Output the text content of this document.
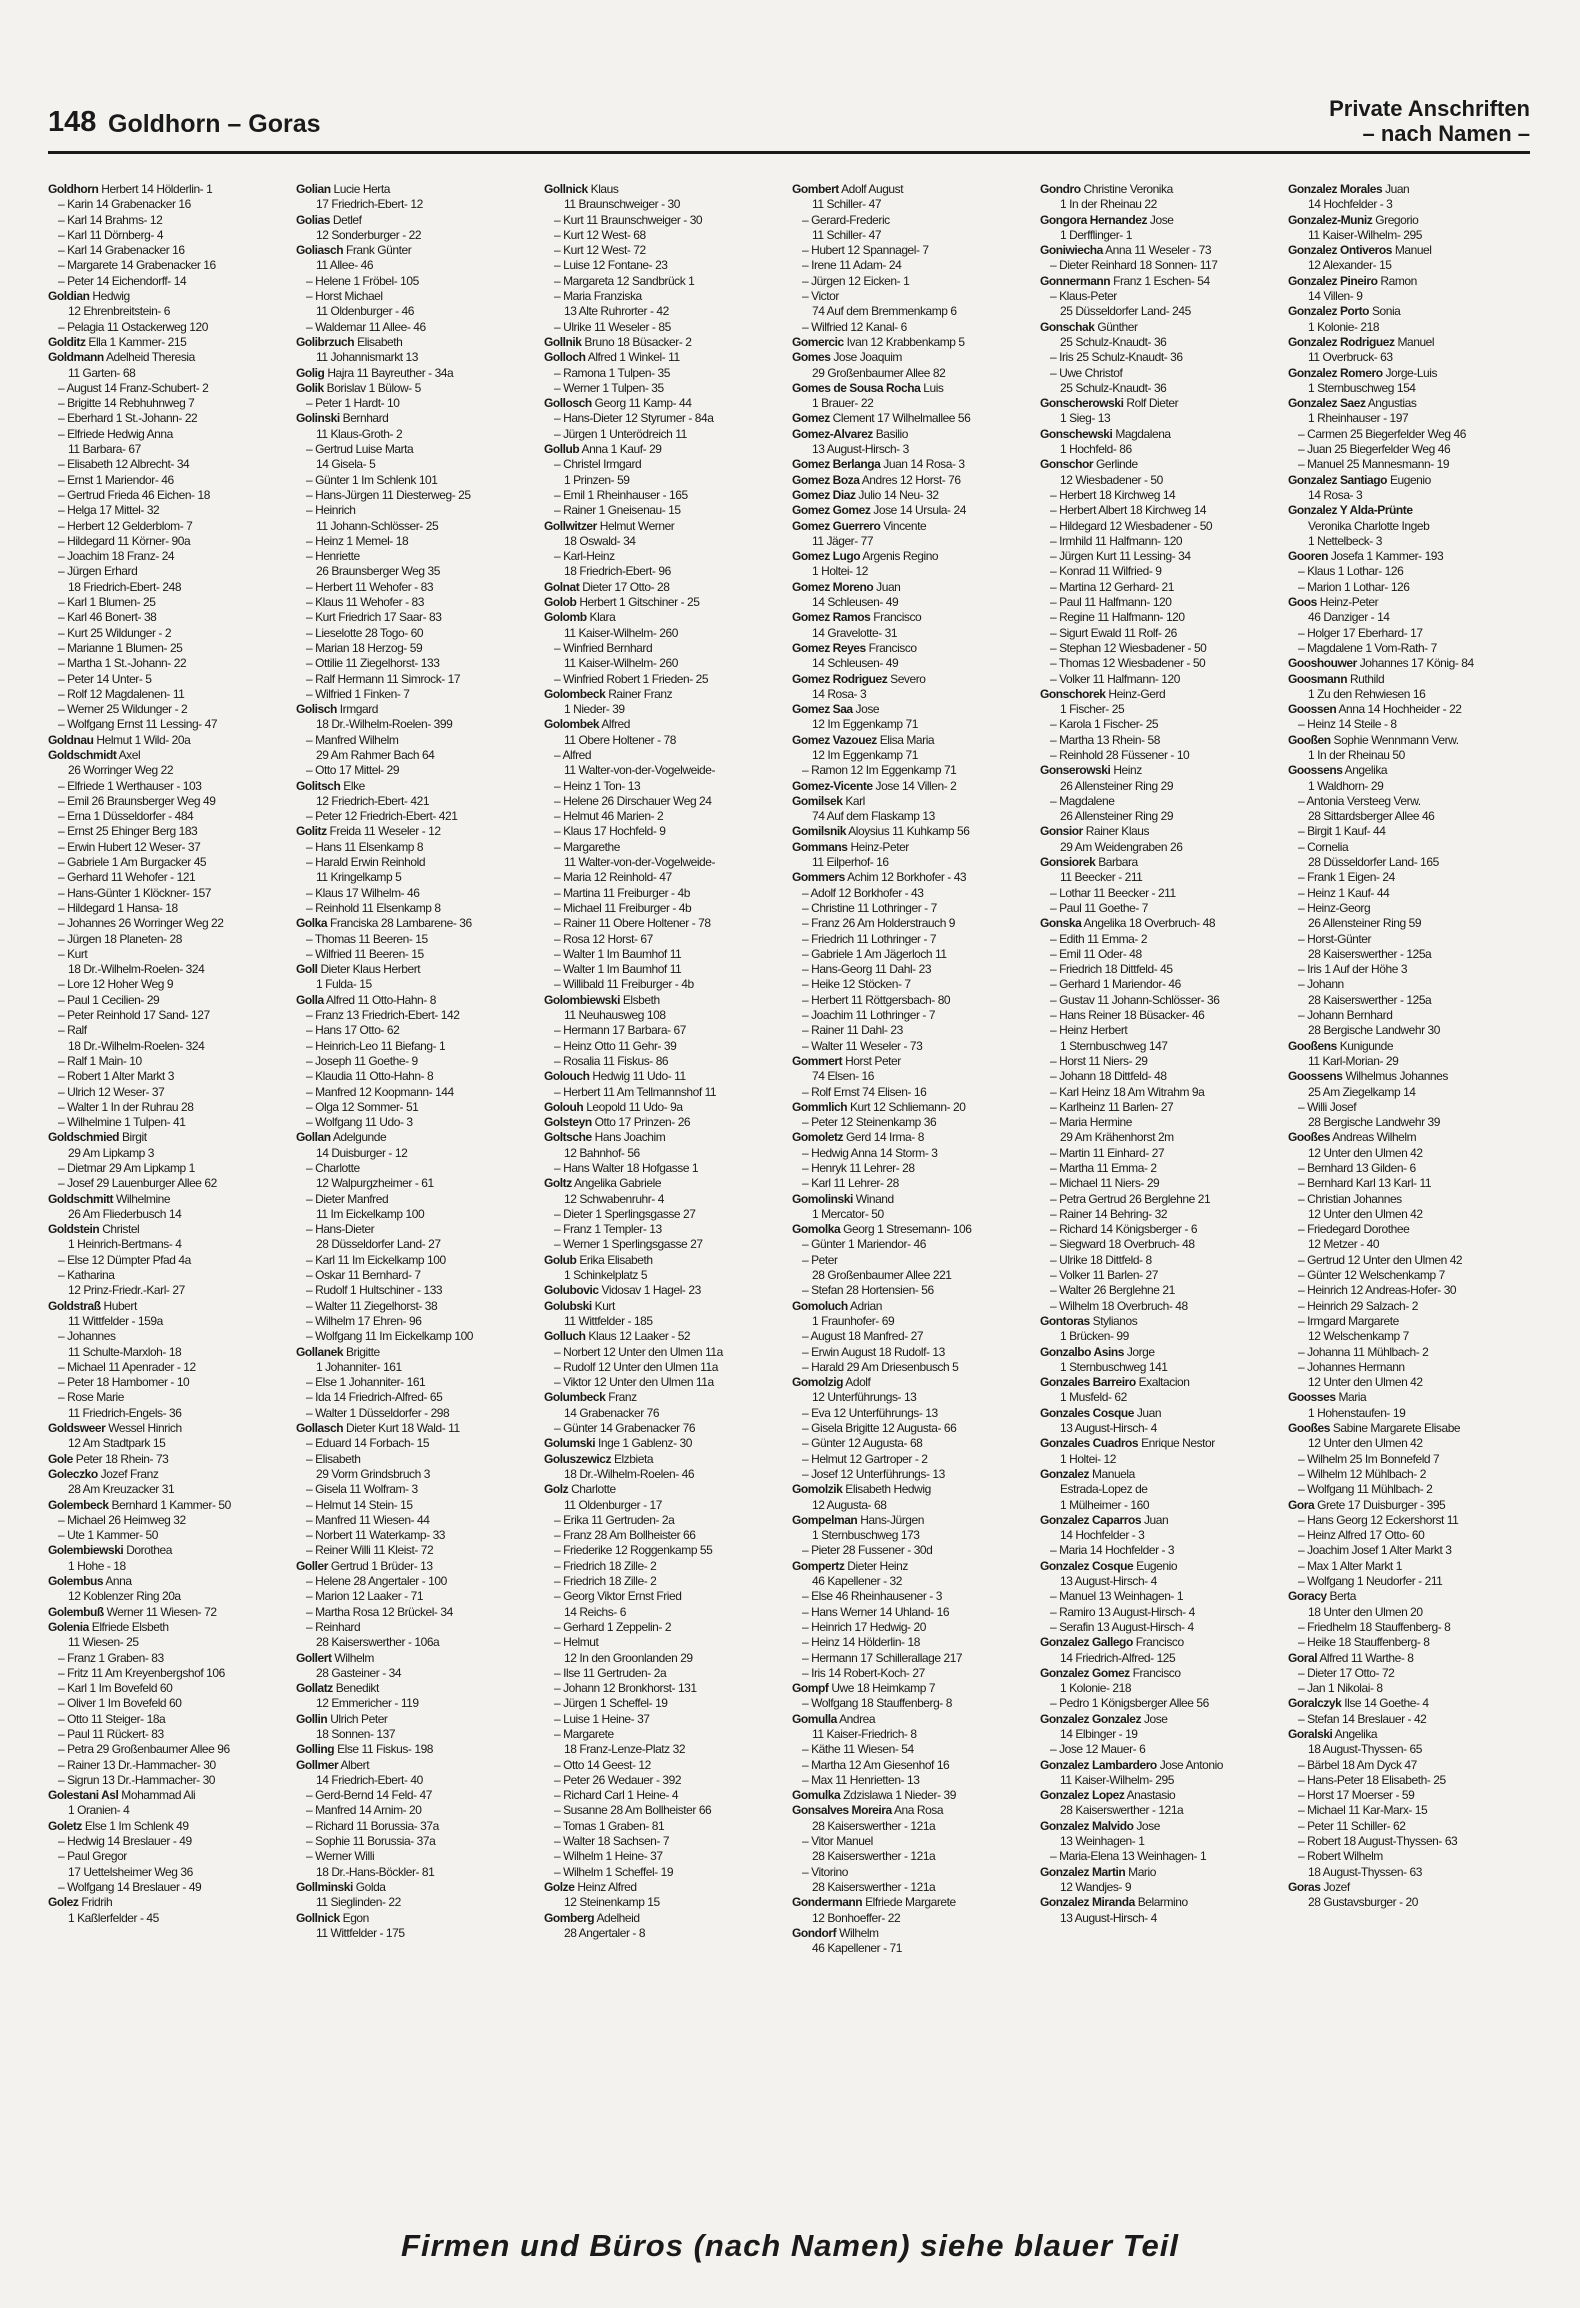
148 Goldhorn – Goras
Private Anschriften
– nach Namen –
Goldhorn Herbert 14 Hölderlin- 1
– Karin 14 Grabenacker 16
– Karl 14 Brahms- 12
– Karl 11 Dörnberg- 4
– Karl 14 Grabenacker 16
– Margarete 14 Grabenacker 16
– Peter 14 Eichendorff- 14
Goldian Hedwig
12 Ehrenbreitstein- 6
– Pelagia 11 Ostackerweg 120
Golditz Ella 1 Kammer- 215
Goldmann Adelheid Theresia
11 Garten- 68
– August 14 Franz-Schubert- 2
– Brigitte 14 Rebhuhnweg 7
– Eberhard 1 St.-Johann- 22
– Elfriede Hedwig Anna
11 Barbara- 67
– Elisabeth 12 Albrecht- 34
– Ernst 1 Mariendor- 46
– Gertrud Frieda 46 Eichen- 18
– Helga 17 Mittel- 32
– Herbert 12 Gelderblom- 7
– Hildegard 11 Körner- 90a
– Joachim 18 Franz- 24
– Jürgen Erhard
18 Friedrich-Ebert- 248
– Karl 1 Blumen- 25
– Karl 46 Bonert- 38
– Kurt 25 Wildunger - 2
– Marianne 1 Blumen- 25
– Martha 1 St.-Johann- 22
– Peter 14 Unter- 5
– Rolf 12 Magdalenen- 11
– Werner 25 Wildunger - 2
– Wolfgang Ernst 11 Lessing- 47
Goldnau Helmut 1 Wild- 20a
Goldschmidt Axel
26 Worringer Weg 22
– Elfriede 1 Werthauser - 103
– Emil 26 Braunsberger Weg 49
– Erna 1 Düsseldorfer - 484
– Ernst 25 Ehinger Berg 183
– Erwin Hubert 12 Weser- 37
– Gabriele 1 Am Burgacker 45
– Gerhard 11 Wehofer - 121
– Hans-Günter 1 Klöckner- 157
– Hildegard 1 Hansa- 18
– Johannes 26 Worringer Weg 22
– Jürgen 18 Planeten- 28
– Kurt
18 Dr.-Wilhelm-Roelen- 324
– Lore 12 Hoher Weg 9
– Paul 1 Cecilien- 29
– Peter Reinhold 17 Sand- 127
– Ralf
18 Dr.-Wilhelm-Roelen- 324
– Ralf 1 Main- 10
– Robert 1 Alter Markt 3
– Ulrich 12 Weser- 37
– Walter 1 In der Ruhrau 28
– Wilhelmine 1 Tulpen- 41
Goldschmied Birgit
29 Am Lipkamp 3
– Dietmar 29 Am Lipkamp 1
– Josef 29 Lauenburger Allee 62
Goldschmitt Wilhelmine
26 Am Fliederbusch 14
Goldstein Christel
1 Heinrich-Bertmans- 4
– Else 12 Dümpter Pfad 4a
– Katharina
12 Prinz-Friedr.-Karl- 27
Goldstraß Hubert
11 Wittfelder - 159a
– Johannes
11 Schulte-Marxloh- 18
– Michael 11 Apenrader - 12
– Peter 18 Hambomer - 10
– Rose Marie
11 Friedrich-Engels- 36
Goldsweer Wessel Hinrich
12 Am Stadtpark 15
Gole Peter 18 Rhein- 73
Goleczko Jozef Franz
28 Am Kreuzacker 31
Golembeck Bernhard 1 Kammer- 50
– Michael 26 Heimweg 32
– Ute 1 Kammer- 50
Golembiewski Dorothea
1 Hohe - 18
Golembus Anna
12 Koblenzer Ring 20a
Golembuß Werner 11 Wiesen- 72
Golenia Elfriede Elsbeth
11 Wiesen- 25
– Franz 1 Graben- 83
– Fritz 11 Am Kreyenbergshof 106
– Karl 1 Im Bovefeld 60
– Oliver 1 Im Bovefeld 60
– Otto 11 Steiger- 18a
– Paul 11 Rückert- 83
– Petra 29 Großenbaumer Allee 96
– Rainer 13 Dr.-Hammacher- 30
– Sigrun 13 Dr.-Hammacher- 30
Golestani Asl Mohammad Ali
1 Oranien- 4
Goletz Else 1 Im Schlenk 49
– Hedwig 14 Breslauer - 49
– Paul Gregor
17 Uettelsheimer Weg 36
– Wolfgang 14 Breslauer - 49
Golez Fridrih
1 Kaßlerfelder - 45
Golian Lucie Herta
17 Friedrich-Ebert- 12
Golias Detlef
12 Sonderburger - 22
Goliasch Frank Günter
11 Allee- 46
– Helene 1 Fröbel- 105
– Horst Michael
11 Oldenburger - 46
– Waldemar 11 Allee- 46
Golibrzuch Elisabeth
11 Johannismarkt 13
Golig Hajra 11 Bayreuther - 34a
Golik Borislav 1 Bülow- 5
– Peter 1 Hardt- 10
Golinski Bernhard
11 Klaus-Groth- 2
– Gertrud Luise Marta
14 Gisela- 5
– Günter 1 Im Schlenk 101
– Hans-Jürgen 11 Diesterweg- 25
– Heinrich
11 Johann-Schlösser- 25
– Heinz 1 Memel- 18
– Henriette
26 Braunsberger Weg 35
– Herbert 11 Wehofer - 83
– Klaus 11 Wehofer - 83
– Kurt Friedrich 17 Saar- 83
– Lieselotte 28 Togo- 60
– Marian 18 Herzog- 59
– Ottilie 11 Ziegelhorst- 133
– Ralf Hermann 11 Simrock- 17
– Wilfried 1 Finken- 7
Golisch Irmgard
18 Dr.-Wilhelm-Roelen- 399
– Manfred Wilhelm
29 Am Rahmer Bach 64
– Otto 17 Mittel- 29
Golitsch Elke
12 Friedrich-Ebert- 421
– Peter 12 Friedrich-Ebert- 421
Golitz Freida 11 Weseler - 12
– Hans 11 Elsenkamp 8
– Harald Erwin Reinhold
11 Kringelkamp 5
– Klaus 17 Wilhelm- 46
– Reinhold 11 Elsenkamp 8
Golka Franciska 28 Lambarene- 36
– Thomas 11 Beeren- 15
– Wilfried 11 Beeren- 15
Goll Dieter Klaus Herbert
1 Fulda- 15
Golla Alfred 11 Otto-Hahn- 8
– Franz 13 Friedrich-Ebert- 142
– Hans 17 Otto- 62
– Heinrich-Leo 11 Biefang- 1
– Joseph 11 Goethe- 9
– Klaudia 11 Otto-Hahn- 8
– Manfred 12 Koopmann- 144
– Olga 12 Sommer- 51
– Wolfgang 11 Udo- 3
Gollan Adelgunde
14 Duisburger - 12
– Charlotte
12 Walpurgzheimer - 61
– Dieter Manfred
11 Im Eickelkamp 100
– Hans-Dieter
28 Düsseldorfer Land- 27
– Karl 11 Im Eickelkamp 100
– Oskar 11 Bernhard- 7
– Rudolf 1 Hultschiner - 133
– Walter 11 Ziegelhorst- 38
– Wilhelm 17 Ehren- 96
– Wolfgang 11 Im Eickelkamp 100
Gollanek Brigitte
1 Johanniter- 161
– Else 1 Johanniter- 161
– Ida 14 Friedrich-Alfred- 65
– Walter 1 Düsseldorfer - 298
Gollasch Dieter Kurt 18 Wald- 11
– Eduard 14 Forbach- 15
– Elisabeth
29 Vorm Grindsbruch 3
– Gisela 11 Wolfram- 3
– Helmut 14 Stein- 15
– Manfred 11 Wiesen- 44
– Norbert 11 Waterkamp- 33
– Reiner Willi 11 Kleist- 72
Goller Gertrud 1 Brüder- 13
– Helene 28 Angertaler - 100
– Marion 12 Laaker - 71
– Martha Rosa 12 Brückel- 34
– Reinhard
28 Kaiserswerther - 106a
Gollert Wilhelm
28 Gasteiner - 34
Gollatz Benedikt
12 Emmericher - 119
Gollin Ulrich Peter
18 Sonnen- 137
Golling Else 11 Fiskus- 198
Gollmer Albert
14 Friedrich-Ebert- 40
– Gerd-Bernd 14 Feld- 47
– Manfred 14 Arnim- 20
– Richard 11 Borussia- 37a
– Sophie 11 Borussia- 37a
– Werner Willi
18 Dr.-Hans-Böckler- 81
Gollminski Golda
11 Sieglinden- 22
Gollnick Egon
11 Wittfelder - 175
Gollnick Klaus
11 Braunschweiger - 30
– Kurt 11 Braunschweiger - 30
– Kurt 12 West- 68
– Kurt 12 West- 72
– Luise 12 Fontane- 23
– Margareta 12 Sandbrück 1
– Maria Franziska
13 Alte Ruhrorter - 42
– Ulrike 11 Weseler - 85
Gollnik Bruno 18 Büsacker- 2
Golloch Alfred 1 Winkel- 11
– Ramona 1 Tulpen- 35
– Werner 1 Tulpen- 35
Gollosch Georg 11 Kamp- 44
– Hans-Dieter 12 Styrumer - 84a
– Jürgen 1 Unterödreich 11
Gollub Anna 1 Kauf- 29
– Christel Irmgard
1 Prinzen- 59
– Emil 1 Rheinhauser - 165
– Rainer 1 Gneisenau- 15
Gollwitzer Helmut Werner
18 Oswald- 34
– Karl-Heinz
18 Friedrich-Ebert- 96
Golnat Dieter 17 Otto- 28
Golob Herbert 1 Gitschiner - 25
Golomb Klara
11 Kaiser-Wilhelm- 260
– Winfried Bernhard
11 Kaiser-Wilhelm- 260
– Winfried Robert 1 Frieden- 25
Golombeck Rainer Franz
1 Nieder- 39
Golombek Alfred
11 Obere Holtener - 78
– Alfred
11 Walter-von-der-Vogelweide-
– Heinz 1 Ton- 13
– Helene 26 Dirschauer Weg 24
– Helmut 46 Marien- 2
– Klaus 17 Hochfeld- 9
– Margarethe
11 Walter-von-der-Vogelweide-
– Maria 12 Reinhold- 47
– Martina 11 Freiburger - 4b
– Michael 11 Freiburger - 4b
– Rainer 11 Obere Holtener - 78
– Rosa 12 Horst- 67
– Walter 1 Im Baumhof 11
– Walter 1 Im Baumhof 11
– Willibald 11 Freiburger - 4b
Golombiewski Elsbeth
11 Neuhausweg 108
– Hermann 17 Barbara- 67
– Heinz Otto 11 Gehr- 39
– Rosalia 11 Fiskus- 86
Golouch Hedwig 11 Udo- 11
– Herbert 11 Am Tellmannshof 11
Golouh Leopold 11 Udo- 9a
Golsteyn Otto 17 Prinzen- 26
Goltsche Hans Joachim
12 Bahnhof- 56
– Hans Walter 18 Hofgasse 1
Goltz Angelika Gabriele
12 Schwabenruhr- 4
– Dieter 1 Sperlingsgasse 27
– Franz 1 Templer- 13
– Werner 1 Sperlingsgasse 27
Golub Erika Elisabeth
1 Schinkelplatz 5
Golubovic Vidosav 1 Hagel- 23
Golubski Kurt
11 Wittfelder - 185
Golluch Klaus 12 Laaker - 52
– Norbert 12 Unter den Ulmen 11a
– Rudolf 12 Unter den Ulmen 11a
– Viktor 12 Unter den Ulmen 11a
Golumbeck Franz
14 Grabenacker 76
– Günter 14 Grabenacker 76
Golumski Inge 1 Gablenz- 30
Goluszewicz Elzbieta
18 Dr.-Wilhelm-Roelen- 46
Golz Charlotte
11 Oldenburger - 17
– Erika 11 Gertruden- 2a
– Franz 28 Am Bollheister 66
– Friederike 12 Roggenkamp 55
– Friedrich 18 Zille- 2
– Friedrich 18 Zille- 2
– Georg Viktor Ernst Fried
14 Reichs- 6
– Gerhard 1 Zeppelin- 2
– Helmut
12 In den Groonlanden 29
– Ilse 11 Gertruden- 2a
– Johann 12 Bronkhorst- 131
– Jürgen 1 Scheffel- 19
– Luise 1 Heine- 37
– Margarete
18 Franz-Lenze-Platz 32
– Otto 14 Geest- 12
– Peter 26 Wedauer - 392
– Richard Carl 1 Heine- 4
– Susanne 28 Am Bollheister 66
– Tomas 1 Graben- 81
– Walter 18 Sachsen- 7
– Wilhelm 1 Heine- 37
– Wilhelm 1 Scheffel- 19
Golze Heinz Alfred
12 Steinenkamp 15
Gomberg Adelheid
28 Angertaler - 8
Gombert Adolf August
11 Schiller- 47
– Gerard-Frederic
11 Schiller- 47
– Hubert 12 Spannagel- 7
– Irene 11 Adam- 24
– Jürgen 12 Eicken- 1
– Victor
74 Auf dem Bremmenkamp 6
– Wilfried 12 Kanal- 6
Gomercic Ivan 12 Krabbenkamp 5
Gomes Jose Joaquim
29 Großenbaumer Allee 82
Gomes de Sousa Rocha Luis
1 Brauer- 22
Gomez Clement 17 Wilhelmallee 56
Gomez-Alvarez Basilio
13 August-Hirsch- 3
Gomez Berlanga Juan 14 Rosa- 3
Gomez Boza Andres 12 Horst- 76
Gomez Diaz Julio 14 Neu- 32
Gomez Gomez Jose 14 Ursula- 24
Gomez Guerrero Vincente
11 Jäger- 77
Gomez Lugo Argenis Regino
1 Holtei- 12
Gomez Moreno Juan
14 Schleusen- 49
Gomez Ramos Francisco
14 Gravelotte- 31
Gomez Reyes Francisco
14 Schleusen- 49
Gomez Rodriguez Severo
14 Rosa- 3
Gomez Saa Jose
12 Im Eggenkamp 71
Gomez Vazouez Elisa Maria
12 Im Eggenkamp 71
– Ramon 12 Im Eggenkamp 71
Gomez-Vicente Jose 14 Villen- 2
Gomilsek Karl
74 Auf dem Flaskamp 13
Gomilsnik Aloysius 11 Kuhkamp 56
Gommans Heinz-Peter
11 Eilperhof- 16
Gommers Achim 12 Borkhofer - 43
– Adolf 12 Borkhofer - 43
– Christine 11 Lothringer - 7
– Franz 26 Am Holderstrauch 9
– Friedrich 11 Lothringer - 7
– Gabriele 1 Am Jägerloch 11
– Hans-Georg 11 Dahl- 23
– Heike 12 Stöcken- 7
– Herbert 11 Röttgersbach- 80
– Joachim 11 Lothringer - 7
– Rainer 11 Dahl- 23
– Walter 11 Weseler - 73
Gommert Horst Peter
74 Elsen- 16
– Rolf Ernst 74 Elisen- 16
Gommlich Kurt 12 Schliemann- 20
– Peter 12 Steinenkamp 36
Gomoletz Gerd 14 Irma- 8
– Hedwig Anna 14 Storm- 3
– Henryk 11 Lehrer- 28
– Karl 11 Lehrer- 28
Gomolinski Winand
1 Mercator- 50
Gomolka Georg 1 Stresemann- 106
– Günter 1 Mariendor- 46
– Peter
28 Großenbaumer Allee 221
– Stefan 28 Hortensien- 56
Gomoluch Adrian
1 Fraunhofer- 69
– August 18 Manfred- 27
– Erwin August 18 Rudolf- 13
– Harald 29 Am Driesenbusch 5
Gomolzig Adolf
12 Unterführungs- 13
– Eva 12 Unterführungs- 13
– Gisela Brigitte 12 Augusta- 66
– Günter 12 Augusta- 68
– Helmut 12 Gartroper - 2
– Josef 12 Unterführungs- 13
Gomolzik Elisabeth Hedwig
12 Augusta- 68
Gompelman Hans-Jürgen
1 Sternbuschweg 173
– Pieter 28 Fussener - 30d
Gompertz Dieter Heinz
46 Kapellener - 32
– Else 46 Rheinhausener - 3
– Hans Werner 14 Uhland- 16
– Heinrich 17 Hedwig- 20
– Heinz 14 Hölderlin- 18
– Hermann 17 Schillerallage 217
– Iris 14 Robert-Koch- 27
Gompf Uwe 18 Heimkamp 7
– Wolfgang 18 Stauffenberg- 8
Gomulla Andrea
11 Kaiser-Friedrich- 8
– Käthe 11 Wiesen- 54
– Martha 12 Am Giesenhof 16
– Max 11 Henrietten- 13
Gomulka Zdzislawa 1 Nieder- 39
Gonsalves Moreira Ana Rosa
28 Kaiserswerther - 121a
– Vitor Manuel
28 Kaiserswerther - 121a
– Vitorino
28 Kaiserswerther - 121a
Gondermann Elfriede Margarete
12 Bonhoeffer- 22
Gondorf Wilhelm
46 Kapellener - 71
Gondro Christine Veronika
1 In der Rheinau 22
Gongora Hernandez Jose
1 Derfflinger- 1
Goniwiecha Anna 11 Weseler - 73
– Dieter Reinhard 18 Sonnen- 117
Gonnermann Franz 1 Eschen- 54
– Klaus-Peter
25 Düsseldorfer Land- 245
Gonschak Günther
25 Schulz-Knaudt- 36
– Iris 25 Schulz-Knaudt- 36
– Uwe Christof
25 Schulz-Knaudt- 36
Gonscherowski Rolf Dieter
1 Sieg- 13
Gonschewski Magdalena
1 Hochfeld- 86
Gonschor Gerlinde
12 Wiesbadener - 50
– Herbert 18 Kirchweg 14
– Herbert Albert 18 Kirchweg 14
– Hildegard 12 Wiesbadener - 50
– Irmhild 11 Halfmann- 120
– Jürgen Kurt 11 Lessing- 34
– Konrad 11 Wilfried- 9
– Martina 12 Gerhard- 21
– Paul 11 Halfmann- 120
– Regine 11 Halfmann- 120
– Sigurt Ewald 11 Rolf- 26
– Stephan 12 Wiesbadener - 50
– Thomas 12 Wiesbadener - 50
– Volker 11 Halfmann- 120
Gonschorek Heinz-Gerd
1 Fischer- 25
– Karola 1 Fischer- 25
– Martha 13 Rhein- 58
– Reinhold 28 Füssener - 10
Gonserowski Heinz
26 Allensteiner Ring 29
– Magdalene
26 Allensteiner Ring 29
Gonsior Rainer Klaus
29 Am Weidengraben 26
Gonsiorek Barbara
11 Beecker - 211
– Lothar 11 Beecker - 211
– Paul 11 Goethe- 7
Gonska Angelika 18 Overbruch- 48
– Edith 11 Emma- 2
– Emil 11 Oder- 48
– Friedrich 18 Dittfeld- 45
– Gerhard 1 Mariendor- 46
– Gustav 11 Johann-Schlösser- 36
– Hans Reiner 18 Büsacker- 46
– Heinz Herbert
1 Sternbuschweg 147
– Horst 11 Niers- 29
– Johann 18 Dittfeld- 48
– Karl Heinz 18 Am Witrahm 9a
– Karlheinz 11 Barlen- 27
– Maria Hermine
29 Am Krähenhorst 2m
– Martin 11 Einhard- 27
– Martha 11 Emma- 2
– Michael 11 Niers- 29
– Petra Gertrud 26 Berglehne 21
– Rainer 14 Behring- 32
– Richard 14 Königsberger - 6
– Siegward 18 Overbruch- 48
– Ulrike 18 Dittfeld- 8
– Volker 11 Barlen- 27
– Walter 26 Berglehne 21
– Wilhelm 18 Overbruch- 48
Gontoras Stylianos
1 Brücken- 99
Gonzalbo Asins Jorge
1 Sternbuschweg 141
Gonzales Barreiro Exaltacion
1 Musfeld- 62
Gonzales Cosque Juan
13 August-Hirsch- 4
Gonzales Cuadros Enrique Nestor
1 Holtei- 12
Gonzalez Manuela
Estrada-Lopez de
1 Mülheimer - 160
Gonzalez Caparros Juan
14 Hochfelder - 3
– Maria 14 Hochfelder - 3
Gonzalez Cosque Eugenio
13 August-Hirsch- 4
– Manuel 13 Weinhagen- 1
– Ramiro 13 August-Hirsch- 4
– Serafin 13 August-Hirsch- 4
Gonzalez Gallego Francisco
14 Friedrich-Alfred- 125
Gonzalez Gomez Francisco
1 Kolonie- 218
– Pedro 1 Königsberger Allee 56
Gonzalez Gonzalez Jose
14 Elbinger - 19
– Jose 12 Mauer- 6
Gonzalez Lambardero Jose Antonio
11 Kaiser-Wilhelm- 295
Gonzalez Lopez Anastasio
28 Kaiserswerther - 121a
Gonzalez Malvido Jose
13 Weinhagen- 1
– Maria-Elena 13 Weinhagen- 1
Gonzalez Martin Mario
12 Wandjes- 9
Gonzalez Miranda Belarmino
13 August-Hirsch- 4
Gonzalez Morales Juan
14 Hochfelder - 3
Gonzalez-Muniz Gregorio
11 Kaiser-Wilhelm- 295
Gonzalez Ontiveros Manuel
12 Alexander- 15
Gonzalez Pineiro Ramon
14 Villen- 9
Gonzalez Porto Sonia
1 Kolonie- 218
Gonzalez Rodriguez Manuel
11 Overbruck- 63
Gonzalez Romero Jorge-Luis
1 Sternbuschweg 154
Gonzalez Saez Angustias
1 Rheinhauser - 197
– Carmen 25 Biegerfelder Weg 46
– Juan 25 Biegerfelder Weg 46
– Manuel 25 Mannesmann- 19
Gonzalez Santiago Eugenio
14 Rosa- 3
Gonzalez Y Alda-Prünte
Veronika Charlotte Ingeb
1 Nettelbeck- 3
Gooren Josefa 1 Kammer- 193
– Klaus 1 Lothar- 126
– Marion 1 Lothar- 126
Goos Heinz-Peter
46 Danziger - 14
– Holger 17 Eberhard- 17
– Magdalene 1 Vom-Rath- 7
Gooshouwer Johannes 17 König- 84
Goosmann Ruthild
1 Zu den Rehwiesen 16
Goossen Anna 14 Hochheider - 22
– Heinz 14 Steile - 8
Gooßen Sophie Wennmann Verw.
1 In der Rheinau 50
Goossens Angelika
1 Waldhorn- 29
– Antonia Versteeg Verw.
28 Sittardsberger Allee 46
– Birgit 1 Kauf- 44
– Cornelia
28 Düsseldorfer Land- 165
– Frank 1 Eigen- 24
– Heinz 1 Kauf- 44
– Heinz-Georg
26 Allensteiner Ring 59
– Horst-Günter
28 Kaiserswerther - 125a
– Iris 1 Auf der Höhe 3
– Johann
28 Kaiserswerther - 125a
– Johann Bernhard
28 Bergische Landwehr 30
Gooßens Kunigunde
11 Karl-Morian- 29
Goossens Wilhelmus Johannes
25 Am Ziegelkamp 14
– Willi Josef
28 Bergische Landwehr 39
Gooßes Andreas Wilhelm
12 Unter den Ulmen 42
– Bernhard 13 Gilden- 6
– Bernhard Karl 13 Karl- 11
– Christian Johannes
12 Unter den Ulmen 42
– Friedegard Dorothee
12 Metzer - 40
– Gertrud 12 Unter den Ulmen 42
– Günter 12 Welschenkamp 7
– Heinrich 12 Andreas-Hofer- 30
– Heinrich 29 Salzach- 2
– Irmgard Margarete
12 Welschenkamp 7
– Johanna 11 Mühlbach- 2
– Johannes Hermann
12 Unter den Ulmen 42
Goosses Maria
1 Hohenstaufen- 19
Gooßes Sabine Margarete Elisabe
12 Unter den Ulmen 42
– Wilhelm 25 Im Bonnefeld 7
– Wilhelm 12 Mühlbach- 2
– Wolfgang 11 Mühlbach- 2
Gora Grete 17 Duisburger - 395
– Hans Georg 12 Eckershorst 11
– Heinz Alfred 17 Otto- 60
– Joachim Josef 1 Alter Markt 3
– Max 1 Alter Markt 1
– Wolfgang 1 Neudorfer - 211
Goracy Berta
18 Unter den Ulmen 20
– Friedhelm 18 Stauffenberg- 8
– Heike 18 Stauffenberg- 8
Goral Alfred 11 Warthe- 8
– Dieter 17 Otto- 72
– Jan 1 Nikolai- 8
Goralczyk Ilse 14 Goethe- 4
– Stefan 14 Breslauer - 42
Goralski Angelika
18 August-Thyssen- 65
– Bärbel 18 Am Dyck 47
– Hans-Peter 18 Elisabeth- 25
– Horst 17 Moerser - 59
– Michael 11 Kar-Marx- 15
– Peter 11 Schiller- 62
– Robert 18 August-Thyssen- 63
– Robert Wilhelm
18 August-Thyssen- 63
Goras Jozef
28 Gustavsburger - 20
Firmen und Büros (nach Namen) siehe blauer Teil
